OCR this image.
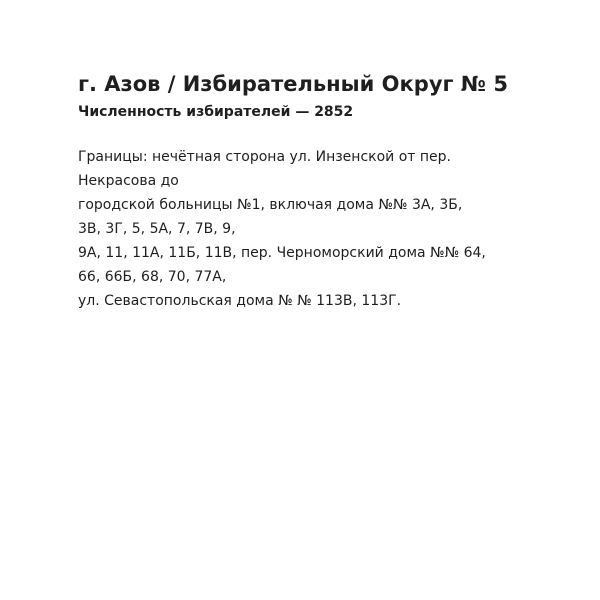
г. Азов / Избирательный Округ № 5
Численность избирателей — 2852
Границы: нечётная сторона ул. Инзенской от пер.
Некрасова до
городской больницы №1, включая дома №№ 3А, 3Б,
3В, 3Г, 5, 5А, 7, 7В, 9,
9А, 11, 11А, 11Б, 11В, пер. Черноморский дома №№ 64,
66, 66Б, 68, 70, 77А,
ул. Севастопольская дома № № 113В, 113Г.
